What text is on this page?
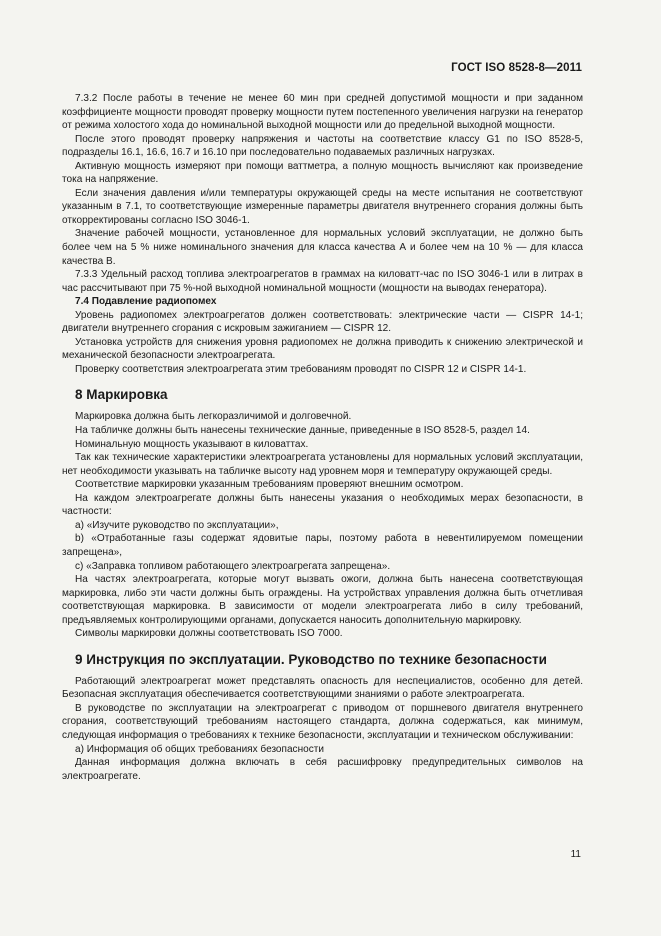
ГОСТ ISO 8528-8—2011

7.3.2 После работы в течение не менее 60 мин при средней допустимой мощности и при заданном коэффициенте мощности проводят проверку мощности путем постепенного увеличения нагрузки на генератор от режима холостого хода до номинальной выходной мощности или до предельной выходной мощности.

После этого проводят проверку напряжения и частоты на соответствие классу G1 по ISO 8528-5, подразделы 16.1, 16.6, 16.7 и 16.10 при последовательно подаваемых различных нагрузках.

Активную мощность измеряют при помощи ваттметра, а полную мощность вычисляют как произведение тока на напряжение.

Если значения давления и/или температуры окружающей среды на месте испытания не соответствуют указанным в 7.1, то соответствующие измеренные параметры двигателя внутреннего сгорания должны быть откорректированы согласно ISO 3046-1.

Значение рабочей мощности, установленное для нормальных условий эксплуатации, не должно быть более чем на 5 % ниже номинального значения для класса качества А и более чем на 10 % — для класса качества В.

7.3.3 Удельный расход топлива электроагрегатов в граммах на киловатт-час по ISO 3046-1 или в литрах в час рассчитывают при 75 %-ной выходной номинальной мощности (мощности на выводах генератора).

7.4 Подавление радиопомех

Уровень радиопомех электроагрегатов должен соответствовать: электрические части — CISPR 14-1; двигатели внутреннего сгорания с искровым зажиганием — CISPR 12.

Установка устройств для снижения уровня радиопомех не должна приводить к снижению электрической и механической безопасности электроагрегата.

Проверку соответствия электроагрегата этим требованиям проводят по CISPR 12 и CISPR 14-1.

8 Маркировка

Маркировка должна быть легкоразличимой и долговечной.

На табличке должны быть нанесены технические данные, приведенные в ISO 8528-5, раздел 14.

Номинальную мощность указывают в киловаттах.

Так как технические характеристики электроагрегата установлены для нормальных условий эксплуатации, нет необходимости указывать на табличке высоту над уровнем моря и температуру окружающей среды.

Соответствие маркировки указанным требованиям проверяют внешним осмотром.

На каждом электроагрегате должны быть нанесены указания о необходимых мерах безопасности, в частности:

а) «Изучите руководство по эксплуатации»,

b) «Отработанные газы содержат ядовитые пары, поэтому работа в невентилируемом помещении запрещена»,

c) «Заправка топливом работающего электроагрегата запрещена».

На частях электроагрегата, которые могут вызвать ожоги, должна быть нанесена соответствующая маркировка, либо эти части должны быть ограждены. На устройствах управления должна быть отчетливая соответствующая маркировка. В зависимости от модели электроагрегата либо в силу требований, предъявляемых контролирующими органами, допускается наносить дополнительную маркировку.

Символы маркировки должны соответствовать ISO 7000.

9 Инструкция по эксплуатации. Руководство по технике безопасности

Работающий электроагрегат может представлять опасность для неспециалистов, особенно для детей. Безопасная эксплуатация обеспечивается соответствующими знаниями о работе электроагрегата.

В руководстве по эксплуатации на электроагрегат с приводом от поршневого двигателя внутреннего сгорания, соответствующий требованиям настоящего стандарта, должна содержаться, как минимум, следующая информация о требованиях к технике безопасности, эксплуатации и техническом обслуживании:

а) Информация об общих требованиях безопасности

Данная информация должна включать в себя расшифровку предупредительных символов на электроагрегате.

11
